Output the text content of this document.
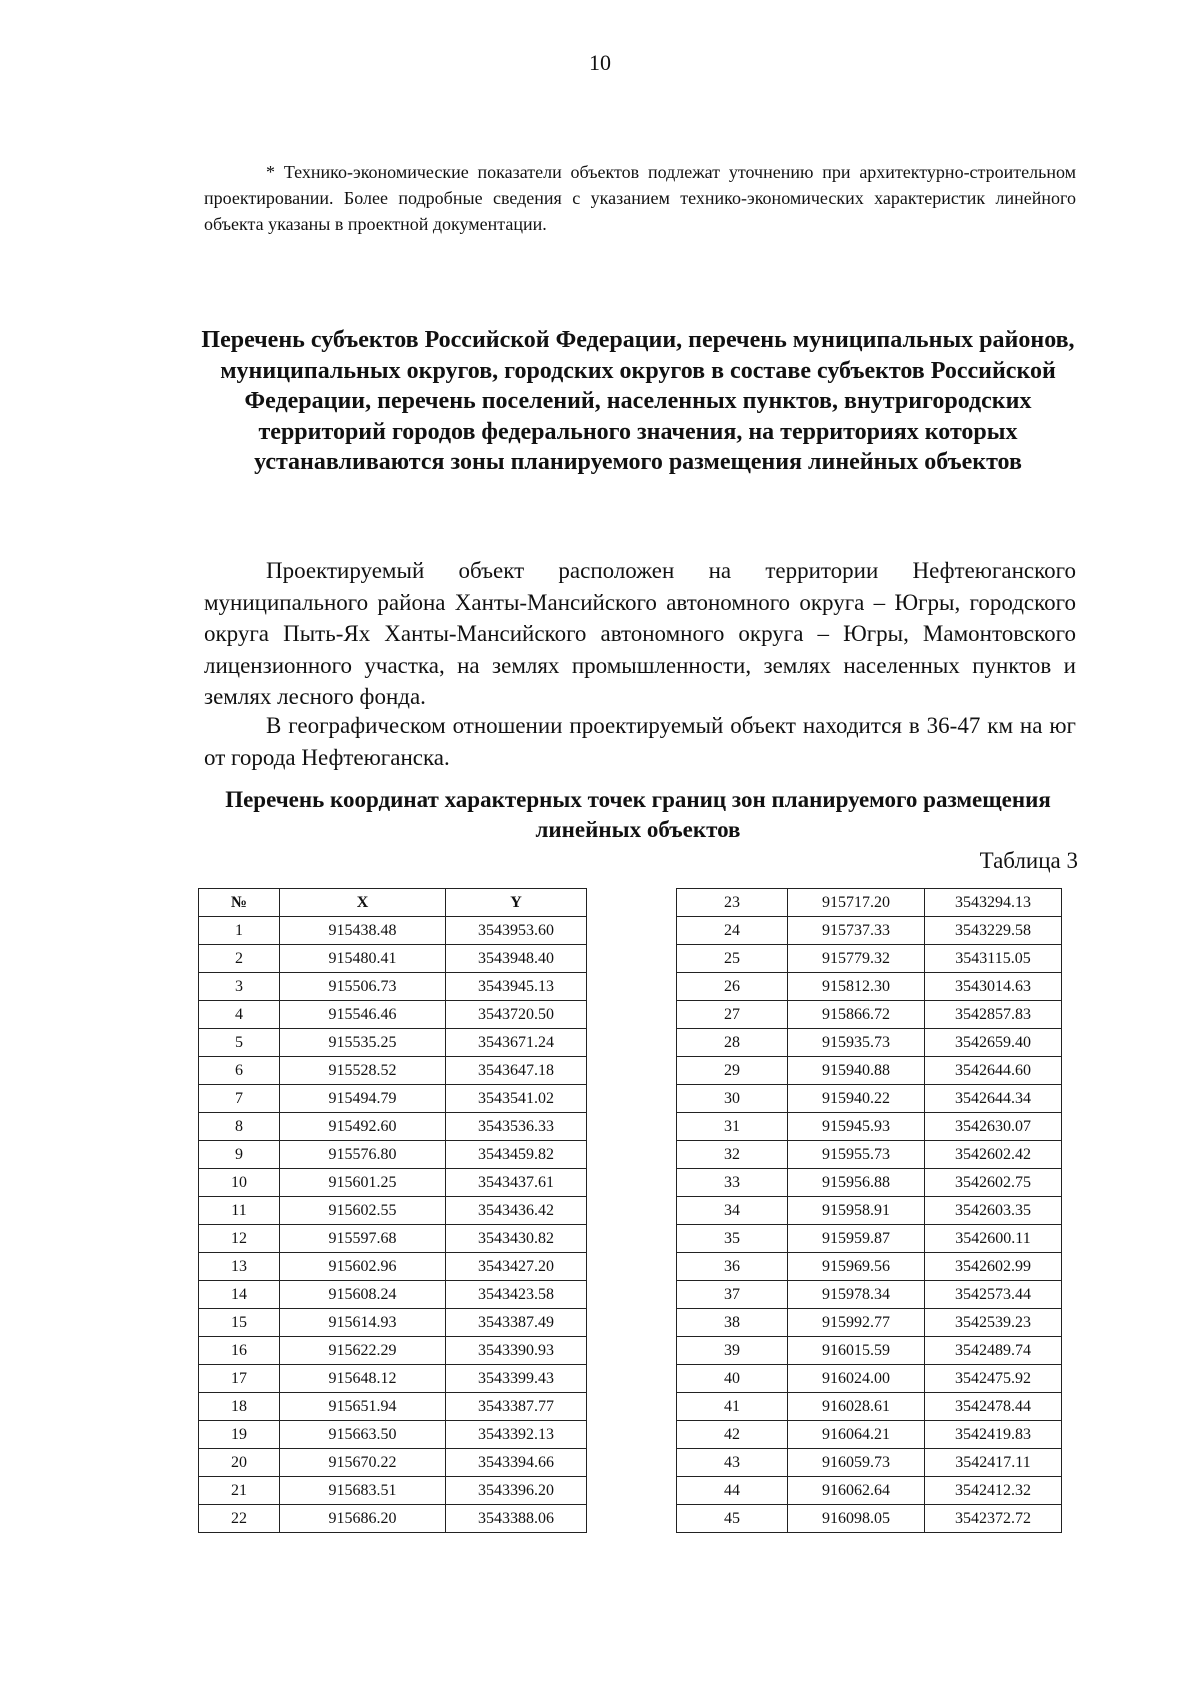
10
* Технико-экономические показатели объектов подлежат уточнению при архитектурно-строительном проектировании. Более подробные сведения с указанием технико-экономических характеристик линейного объекта указаны в проектной документации.
Перечень субъектов Российской Федерации, перечень муниципальных районов, муниципальных округов, городских округов в составе субъектов Российской Федерации, перечень поселений, населенных пунктов, внутригородских территорий городов федерального значения, на территориях которых устанавливаются зоны планируемого размещения линейных объектов
Проектируемый объект расположен на территории Нефтеюганского муниципального района Ханты-Мансийского автономного округа – Югры, городского округа Пыть-Ях Ханты-Мансийского автономного округа – Югры, Мамонтовского лицензионного участка, на землях промышленности, землях населенных пунктов и землях лесного фонда.
В географическом отношении проектируемый объект находится в 36-47 км на юг от города Нефтеюганска.
Перечень координат характерных точек границ зон планируемого размещения линейных объектов
Таблица 3
№	X	Y
1	915438.48	3543953.60
2	915480.41	3543948.40
3	915506.73	3543945.13
4	915546.46	3543720.50
5	915535.25	3543671.24
6	915528.52	3543647.18
7	915494.79	3543541.02
8	915492.60	3543536.33
9	915576.80	3543459.82
10	915601.25	3543437.61
11	915602.55	3543436.42
12	915597.68	3543430.82
13	915602.96	3543427.20
14	915608.24	3543423.58
15	915614.93	3543387.49
16	915622.29	3543390.93
17	915648.12	3543399.43
18	915651.94	3543387.77
19	915663.50	3543392.13
20	915670.22	3543394.66
21	915683.51	3543396.20
22	915686.20	3543388.06
23	915717.20	3543294.13
24	915737.33	3543229.58
25	915779.32	3543115.05
26	915812.30	3543014.63
27	915866.72	3542857.83
28	915935.73	3542659.40
29	915940.88	3542644.60
30	915940.22	3542644.34
31	915945.93	3542630.07
32	915955.73	3542602.42
33	915956.88	3542602.75
34	915958.91	3542603.35
35	915959.87	3542600.11
36	915969.56	3542602.99
37	915978.34	3542573.44
38	915992.77	3542539.23
39	916015.59	3542489.74
40	916024.00	3542475.92
41	916028.61	3542478.44
42	916064.21	3542419.83
43	916059.73	3542417.11
44	916062.64	3542412.32
45	916098.05	3542372.72
